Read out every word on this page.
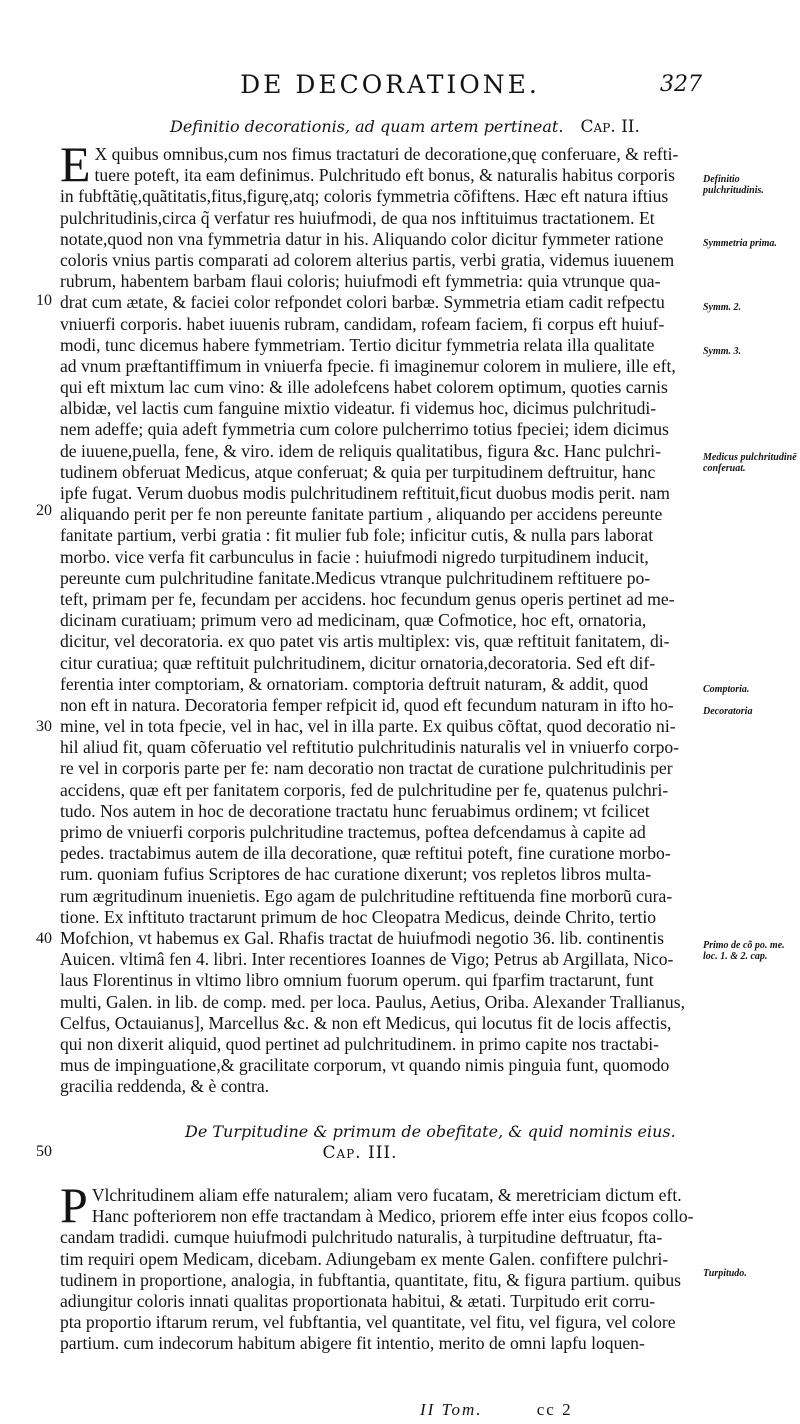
DE DECORATIONE.	327
Definitio decorationis, ad quam artem pertineat. Cap. II.
E X quibus omnibus,cum nos fimus tractaturi de decoratione,quę conferuare, & refti-
tuere poteft, ita eam definimus. Pulchritudo eft bonus, & naturalis habitus corporis
in fubftãtię,quãtitatis,fitus,figurę,atq; coloris fymmetria cõfiftens. Hæc eft natura iftius
pulchritudinis,circa q̃ verfatur res huiufmodi, de qua nos inftituimus tractationem. Et
notate,quod non vna fymmetria datur in his. Aliquando color dicitur fymmeter ratione
coloris vnius partis comparati ad colorem alterius partis, verbi gratia, videmus iuuenem
rubrum, habentem barbam flaui coloris; huiufmodi eft fymmetria: quia vtrunque qua-
drat cum ætate, & faciei color refpondet colori barbæ. Symmetria etiam cadit refpectu
vniuerfi corporis. habet iuuenis rubram, candidam, rofeam faciem, fi corpus eft huiuf-
modi, tunc dicemus habere fymmetriam. Tertio dicitur fymmetria relata illa qualitate
ad vnum præftantiffimum in vniuerfa fpecie. fi imaginemur colorem in muliere, ille eft,
qui eft mixtum lac cum vino: & ille adolefcens habet colorem optimum, quoties carnis
albidæ, vel lactis cum fanguine mixtio videatur. fi videmus hoc, dicimus pulchritudi-
nem adeffe; quia adeft fymmetria cum colore pulcherrimo totius fpeciei; idem dicimus
de iuuene,puella, fene, & viro. idem de reliquis qualitatibus, figura &c. Hanc pulchri-
tudinem obferuat Medicus, atque conferuat; & quia per turpitudinem deftruitur, hanc
ipfe fugat. Verum duobus modis pulchritudinem reftituit,ficut duobus modis perit. nam
aliquando perit per fe non pereunte fanitate partium , aliquando per accidens pereunte
fanitate partium, verbi gratia : fit mulier fub fole; inficitur cutis, & nulla pars laborat
morbo. vice verfa fit carbunculus in facie : huiufmodi nigredo turpitudinem inducit,
pereunte cum pulchritudine fanitate.Medicus vtranque pulchritudinem reftituere po-
teft, primam per fe, fecundam per accidens. hoc fecundum genus operis pertinet ad me-
dicinam curatiuam; primum vero ad medicinam, quæ Cofmotice, hoc eft, ornatoria,
dicitur, vel decoratoria. ex quo patet vis artis multiplex: vis, quæ reftituit fanitatem, di-
citur curatiua; quæ reftituit pulchritudinem, dicitur ornatoria,decoratoria. Sed eft dif-
ferentia inter comptoriam, & ornatoriam. comptoria deftruit naturam, & addit, quod
non eft in natura. Decoratoria femper refpicit id, quod eft fecundum naturam in ifto ho-
mine, vel in tota fpecie, vel in hac, vel in illa parte. Ex quibus cõftat, quod decoratio ni-
hil aliud fit, quam cõferuatio vel reftitutio pulchritudinis naturalis vel in vniuerfo corpo-
re vel in corporis parte per fe: nam decoratio non tractat de curatione pulchritudinis per
accidens, quæ eft per fanitatem corporis, fed de pulchritudine per fe, quatenus pulchri-
tudo. Nos autem in hoc de decoratione tractatu hunc feruabimus ordinem; vt fcilicet
primo de vniuerfi corporis pulchritudine tractemus, poftea defcendamus à capite ad
pedes. tractabimus autem de illa decoratione, quæ reftitui poteft, fine curatione morbo-
rum. quoniam fufius Scriptores de hac curatione dixerunt; vos repletos libros multa-
rum ægritudinum inuenietis. Ego agam de pulchritudine reftituenda fine morborũ cura-
tione. Ex inftituto tractarunt primum de hoc Cleopatra Medicus, deinde Chrito, tertio
Mofchion, vt habemus ex Gal. Rhafis tractat de huiufmodi negotio 36. lib. continentis
Auicen. vltimâ fen 4. libri. Inter recentiores Ioannes de Vigo; Petrus ab Argillata, Nico-
laus Florentinus in vltimo libro omnium fuorum operum. qui fparfim tractarunt, funt
multi, Galen. in lib. de comp. med. per loca. Paulus, Aetius, Oriba. Alexander Trallianus,
Celfus, Octauianus], Marcellus &c. & non eft Medicus, qui locutus fit de locis affectis,
qui non dixerit aliquid, quod pertinet ad pulchritudinem. in primo capite nos tractabi-
mus de impinguatione,& gracilitate corporum, vt quando nimis pinguia funt, quomodo
gracilia reddenda, & è contra.
De Turpitudine & primum de obefitate, & quid nominis eius.
Cap. III.
P Vlchritudinem aliam effe naturalem; aliam vero fucatam, & meretriciam dictum eft.
Hanc pofteriorem non effe tractandam à Medico, priorem effe inter eius fcopos collo-
candam tradidi. cumque huiufmodi pulchritudo naturalis, à turpitudine deftruatur, fta-
tim requiri opem Medicam, dicebam. Adiungebam ex mente Galen. confiftere pulchri-
tudinem in proportione, analogia, in fubftantia, quantitate, fitu, & figura partium. quibus
adiungitur coloris innati qualitas proportionata habitui, & ætati. Turpitudo erit corru-
pta proportio iftarum rerum, vel fubftantia, vel quantitate, vel fitu, vel figura, vel colore
partium. cum indecorum habitum abigere fit intentio, merito de omni lapfu loquen-
Definitio pulchritudinis.
Symmetria prima.
Symm. 2.
Symm. 3.
Medicus pulchritudinē conferuat.
Comptoria.
Decoratoria
Primo de cõ po. me. loc. 1. & 2. cap.
Turpitudo.
10
20
30
40
50
II Tom.	cc 2
